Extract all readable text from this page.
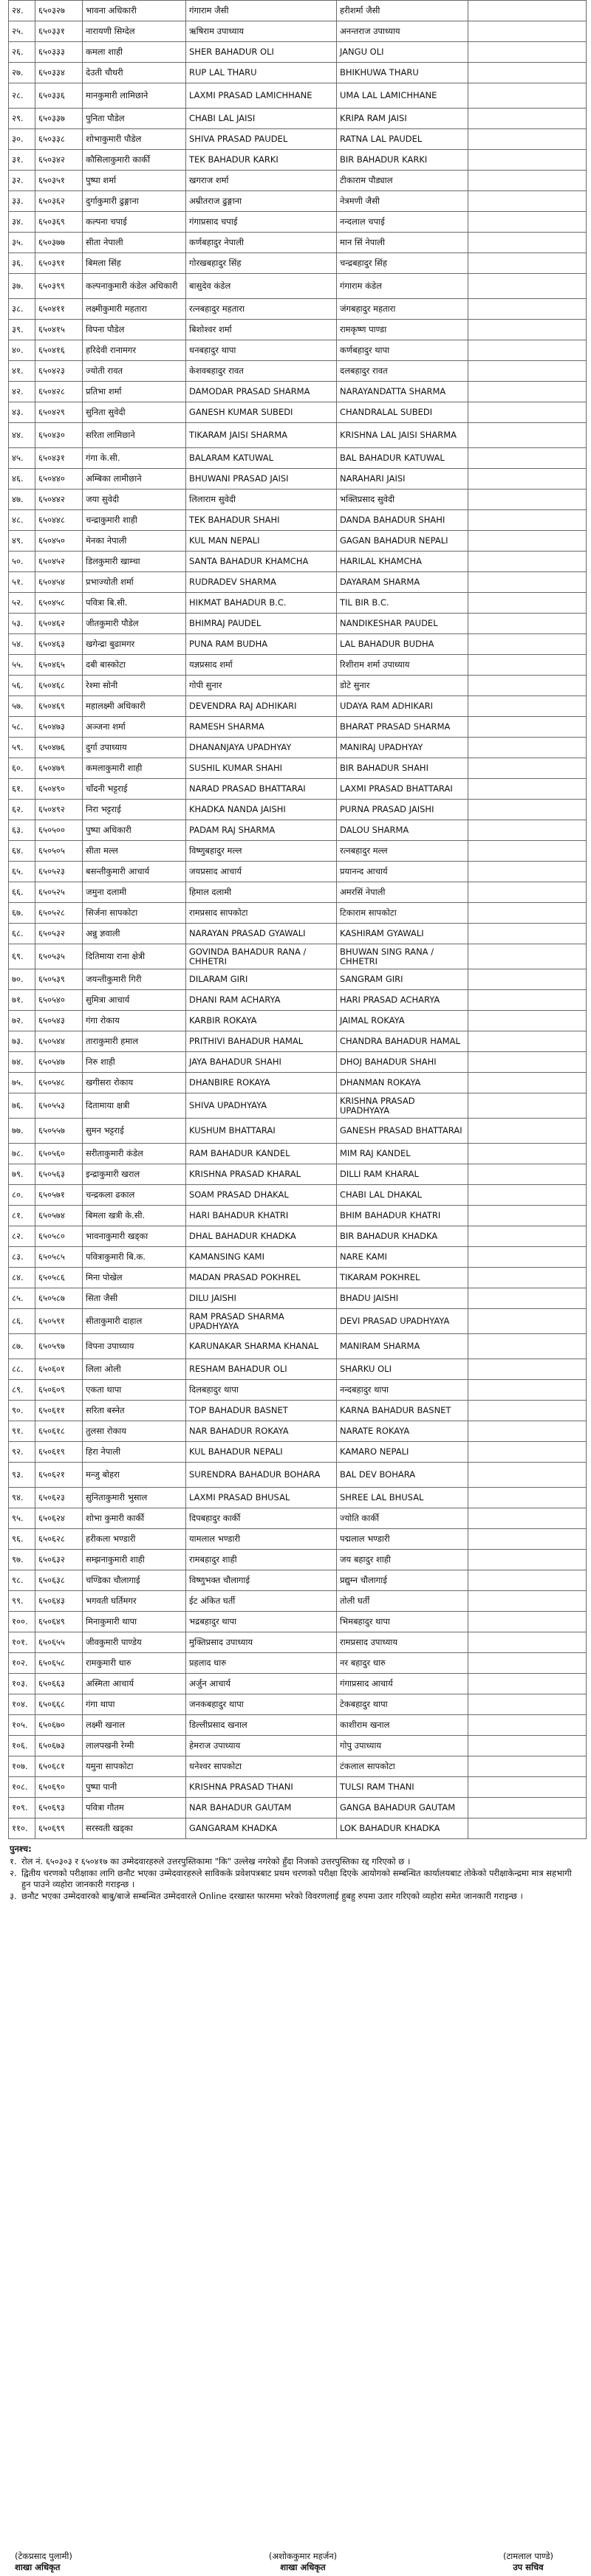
२४.	६५०३२७	भावना अधिकारी	गंगाराम जैसी	हरीशर्मा जैसी	
२५.	६५०३३१	नारायणी सिग्देल	ऋषिराम उपाध्याय	अनन्तराज उपाध्याय	
२६.	६५०३३३	कमला शाही	SHER BAHADUR OLI	JANGU OLI	
२७.	६५०३३४	देउती चौधरी	RUP LAL THARU	BHIKHUWA THARU	
२८.	६५०३३६	मानकुमारी लामिछाने	LAXMI PRASAD LAMICHHANE	UMA LAL LAMICHHANE	
२९.	६५०३३७	पुनिता पौडेल	CHABI LAL JAISI	KRIPA RAM JAISI	
३०.	६५०३३८	शोभाकुमारी पौडेल	SHIVA PRASAD PAUDEL	RATNA LAL PAUDEL	
३१.	६५०३४२	कौसिलाकुमारी कार्की	TEK BAHADUR KARKI	BIR BAHADUR KARKI	
३२.	६५०३५१	पुष्पा शर्मा	खगराज शर्मा	टीकाराम पौड्याल	
३३.	६५०३६२	दुर्गाकुमारी ढुङ्गाना	अम्रीतराज ढुङ्गाना	नेत्रमणी जैसी	
३४.	६५०३६९	कल्पना चपाई	गंगाप्रसाद चपाई	नन्दलाल चपाई	
३५.	६५०३७७	सीता नेपाली	कर्णबहादुर नेपाली	मान सिं नेपाली	
३६.	६५०३९१	बिमला सिंह	गोरखबहादुर सिंह	चन्द्रबहादुर सिंह	
३७.	६५०३९९	कल्पनाकुमारी कंडेल अधिकारी	बासुदेव कंडेल	गंगाराम कंडेल	
३८.	६५०४११	लक्ष्मीकुमारी महतारा	रत्नबहादुर महतारा	जंगबहादुर महतारा	
३९.	६५०४१५	विपना पौडेल	बिशोश्वर शर्मा	रामकृष्ण पाण्डा	
४०.	६५०४१६	हरिदेवी रानामगर	धनबहादुर थापा	कर्णबहादुर थापा	
४१.	६५०४२३	ज्योती रावत	केशवबहादुर रावत	दलबहादुर रावत	
४२.	६५०४२८	प्रतिभा शर्मा	DAMODAR PRASAD SHARMA	NARAYANDATTA SHARMA	
४३.	६५०४२९	सुनिता सुवेदी	GANESH KUMAR SUBEDI	CHANDRALAL SUBEDI	
४४.	६५०४३०	सरिता लामिछाने	TIKARAM JAISI SHARMA	KRISHNA LAL JAISI SHARMA	
४५.	६५०४३१	गंगा के.सी.	BALARAM KATUWAL	BAL BAHADUR KATUWAL	
४६.	६५०४४०	अम्बिका लामीछाने	BHUWANI PRASAD JAISI	NARAHARI JAISI	
४७.	६५०४४२	जया सुवेदी	लिलाराम सुवेदी	भक्तिप्रसाद सुवेदी	
४८.	६५०४४८	चन्द्राकुमारी शाही	TEK BAHADUR SHAHI	DANDA BAHADUR SHAHI	
४९.	६५०४५०	मेनका नेपाली	KUL MAN NEPALI	GAGAN BAHADUR NEPALI	
५०.	६५०४५२	डिलकुमारी खाम्चा	SANTA BAHADUR KHAMCHA	HARILAL KHAMCHA	
५१.	६५०४५४	प्रभाज्योती शर्मा	RUDRADEV SHARMA	DAYARAM SHARMA	
५२.	६५०४५८	पवित्रा बि.सी.	HIKMAT BAHADUR B.C.	TIL BIR B.C.	
५३.	६५०४६२	जीतकुमारी पौडेल	BHIMRAJ PAUDEL	NANDIKESHAR PAUDEL	
५४.	६५०४६३	खगेन्द्रा बुढामगर	PUNA RAM BUDHA	LAL BAHADUR BUDHA	
५५.	६५०४६५	दबी बास्कोटा	यज्ञप्रसाद शर्मा	रिशीराम शर्मा उपाध्याय	
५६.	६५०४६८	रेश्मा सोनी	गोपी सुनार	डोटे सुनार	
५७.	६५०४६९	महालक्ष्मी अधिकारी	DEVENDRA RAJ ADHIKARI	UDAYA RAM ADHIKARI	
५८.	६५०४७३	अञ्जना शर्मा	RAMESH SHARMA	BHARAT PRASAD SHARMA	
५९.	६५०४७६	दुर्गा उपाध्याय	DHANANJAYA UPADHYAY	MANIRAJ UPADHYAY	
६०.	६५०४७९	कमलाकुमारी शाही	SUSHIL KUMAR SHAHI	BIR BAHADUR SHAHI	
६१.	६५०४९०	चाँदनी भट्टराई	NARAD PRASAD BHATTARAI	LAXMI PRASAD BHATTARAI	
६२.	६५०४९२	निरा भट्टराई	KHADKA NANDA JAISHI	PURNA PRASAD JAISHI	
६३.	६५०५००	पुष्पा अधिकारी	PADAM RAJ SHARMA	DALOU SHARMA	
६४.	६५०५०५	सीता मल्ल	विष्णुबहादुर मल्ल	रत्नबहादुर मल्ल	
६५.	६५०५२३	बसन्तीकुमारी आचार्य	जयप्रसाद आचार्य	प्रयानन्द आचार्य	
६६.	६५०५२५	जमुना दलामी	हिमाल दलामी	अमरसिं नेपाली	
६७.	६५०५२८	सिर्जना सापकोटा	रामप्रसाद सापकोटा	टिकाराम सापकोटा	
६८.	६५०५३२	अन्नु ज्ञवाली	NARAYAN PRASAD GYAWALI	KASHIRAM GYAWALI	
६९.	६५०५३५	दितिमाया राना क्षेत्री	GOVINDA BAHADUR RANA / CHHETRI	BHUWAN SING RANA / CHHETRI	
७०.	६५०५३९	जयन्तीकुमारी गिरी	DILARAM GIRI	SANGRAM GIRI	
७१.	६५०५४०	सुमित्रा आचार्य	DHANI RAM ACHARYA	HARI PRASAD ACHARYA	
७२.	६५०५४३	गंगा रोकाय	KARBIR ROKAYA	JAIMAL ROKAYA	
७३.	६५०५४४	ताराकुमारी हमाल	PRITHIVI BAHADUR HAMAL	CHANDRA BAHADUR HAMAL	
७४.	६५०५४७	निरु शाही	JAYA BAHADUR SHAHI	DHOJ BAHADUR SHAHI	
७५.	६५०५४८	खगीसरा रोकाय	DHANBIRE ROKAYA	DHANMAN ROKAYA	
७६.	६५०५५३	दितामाया क्षत्री	SHIVA UPADHYAYA	KRISHNA PRASAD UPADHYAYA	
७७.	६५०५५७	सुमन भट्टराई	KUSHUM BHATTARAI	GANESH PRASAD BHATTARAI	
७८.	६५०५६०	सरीताकुमारी कंडेल	RAM BAHADUR KANDEL	MIM RAJ KANDEL	
७९.	६५०५६३	इन्द्राकुमारी खराल	KRISHNA PRASAD KHARAL	DILLI RAM KHARAL	
८०.	६५०५७१	चन्द्रकला ढकाल	SOAM PRASAD DHAKAL	CHABI LAL DHAKAL	
८१.	६५०५७४	बिमला खत्री के.सी.	HARI BAHADUR KHATRI	BHIM BAHADUR KHATRI	
८२.	६५०५८०	भावनाकुमारी खड्का	DHAL BAHADUR KHADKA	BIR BAHADUR KHADKA	
८३.	६५०५८५	पवित्राकुमारी बि.क.	KAMANSING KAMI	NARE KAMI	
८४.	६५०५८६	मिना पोखेल	MADAN PRASAD POKHREL	TIKARAM POKHREL	
८५.	६५०५८७	सिता जैसी	DILU JAISHI	BHADU JAISHI	
८६.	६५०५९१	सीताकुमारी दाहाल	RAM PRASAD SHARMA UPADHYAYA	DEVI PRASAD UPADHYAYA	
८७.	६५०५९७	विपना उपाध्याय	KARUNAKAR SHARMA KHANAL	MANIRAM SHARMA	
८८.	६५०६०१	लिला ओली	RESHAM BAHADUR OLI	SHARKU OLI	
८९.	६५०६०९	एकता थापा	दिलबहादुर थापा	नन्दबहादुर थापा	
९०.	६५०६११	सरिता बस्नेत	TOP BAHADUR BASNET	KARNA BAHADUR BASNET	
९१.	६५०६१८	तुलसा रोकाय	NAR BAHADUR ROKAYA	NARATE ROKAYA	
९२.	६५०६१९	हिरा नेपाली	KUL BAHADUR NEPALI	KAMARO NEPALI	
९३.	६५०६२१	मन्जु बोहरा	SURENDRA BAHADUR BOHARA	BAL DEV BOHARA	
९४.	६५०६२३	सुनिताकुमारी भुसाल	LAXMI PRASAD BHUSAL	SHREE LAL BHUSAL	
९५.	६५०६२४	शोभा कुमारी कार्की	दिपबहादुर कार्की	ज्योति कार्की	
९६.	६५०६२८	हरीकला भण्डारी	यामलाल भण्डारी	पद्मलाल भण्डारी	
९७.	६५०६३२	सम्झनाकुमारी शाही	रामबहादुर शाही	जय बहादुर शाही	
९८.	६५०६३८	चण्डिका चौलागाई	विष्णुभक्त चौलागाई	प्रद्युम्न चौलागाई	
९९.	६५०६४३	भगवती घर्तिमगर	ईट अंकित घर्ती	तोली घर्ती	
१००.	६५०६४९	मिनाकुमारी थापा	भद्रबहादुर थापा	भिमबहादुर थापा	
१०१.	६५०६५५	जीवकुमारी पाण्डेय	मुक्तिप्रसाद उपाध्याय	रामप्रसाद उपाध्याय	
१०२.	६५०६५८	रामकुमारी धारु	प्रहलाद धारु	नर बहादुर धारु	
१०३.	६५०६६३	अस्मिता आचार्य	अर्जुन आचार्य	गंगाप्रसाद आचार्य	
१०४.	६५०६६८	गंगा थापा	जनकबहादुर थापा	टेकबहादुर थापा	
१०५.	६५०६७०	लक्ष्मी खनाल	डिल्लीप्रसाद खनाल	काशीराम खनाल	
१०६.	६५०६७३	लालपखनी रेग्मी	हेमराज उपाध्याय	गोपु उपाध्याय	
१०७.	६५०६८१	यमुना सापकोटा	धनेश्वर सापकोटा	टंकलाल सापकोटा	
१०८.	६५०६९०	पुष्पा पानी	KRISHNA PRASAD THANI	TULSI RAM THANI	
१०९.	६५०६९३	पवित्रा गौतम	NAR BAHADUR GAUTAM	GANGA BAHADUR GAUTAM	
११०.	६५०६९९	सरस्वती खड्का	GANGARAM KHADKA	LOK BAHADUR KHADKA	
पुनश्च:
१. रोल नं. ६५०३०३ र ६५०४१७ का उम्मेदवारहरुले उत्तरपुस्तिकामा "कि" उल्लेख नगरेको हुँदा निजको उत्तरपुस्तिका रद्द गरिएको छ ।
२. द्वितीय चरणको परीक्षाका लागि छनौट भएका उम्मेदवारहरुले साविकके प्रवेशपत्रबाट प्रथम चरणको परीक्षा दिएके आयोगको सम्बन्धित कार्यालयबाट तोकेको परीक्षाकेन्द्रमा मात्र सहभागी हुन पाउने व्यहोरा जानकारी गराइन्छ ।
३. छनौट भएका उम्मेदवारको बाबु/बाजे सम्बन्धित उम्मेदवारले Online दरखास्त फारममा भरेको विवरणलाई हुबहु रुपमा उतार गरिएको व्यहोरा समेत जानकारी गराइन्छ ।
(टेकप्रसाद पुलामी)
शाखा अधिकृत
(अशोककुमार महर्जन)
शाखा अधिकृत
(टामलाल पाण्डे)
उप सचिव
